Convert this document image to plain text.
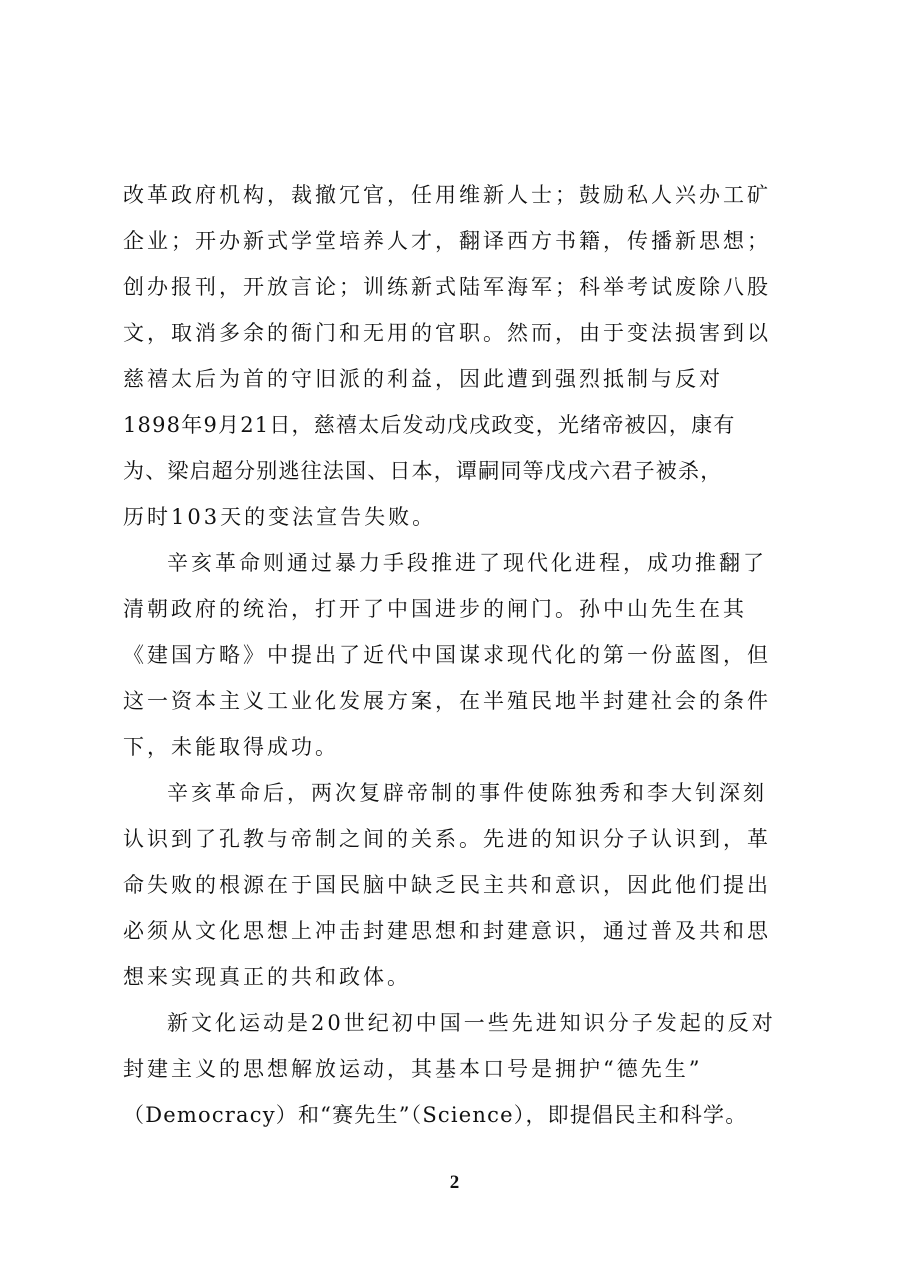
改革政府机构，裁撤冗官，任用维新人士；鼓励私人兴办工矿
企业；开办新式学堂培养人才，翻译西方书籍，传播新思想；
创办报刊，开放言论；训练新式陆军海军；科举考试废除八股
文，取消多余的衙门和无用的官职。然而，由于变法损害到以
慈禧太后为首的守旧派的利益，因此遭到强烈抵制与反对
1898年9月21日，慈禧太后发动戊戌政变，光绪帝被囚，康有
为、梁启超分别逃往法国、日本，谭嗣同等戊戌六君子被杀，
历时103天的变法宣告失败。
辛亥革命则通过暴力手段推进了现代化进程，成功推翻了
清朝政府的统治，打开了中国进步的闸门。孙中山先生在其
《建国方略》中提出了近代中国谋求现代化的第一份蓝图，但
这一资本主义工业化发展方案，在半殖民地半封建社会的条件
下，未能取得成功。
辛亥革命后，两次复辟帝制的事件使陈独秀和李大钊深刻
认识到了孔教与帝制之间的关系。先进的知识分子认识到，革
命失败的根源在于国民脑中缺乏民主共和意识，因此他们提出
必须从文化思想上冲击封建思想和封建意识，通过普及共和思
想来实现真正的共和政体。
新文化运动是20世纪初中国一些先进知识分子发起的反对
封建主义的思想解放运动，其基本口号是拥护“德先生”
（Democracy）和“赛先生”（Science），即提倡民主和科学。
2
